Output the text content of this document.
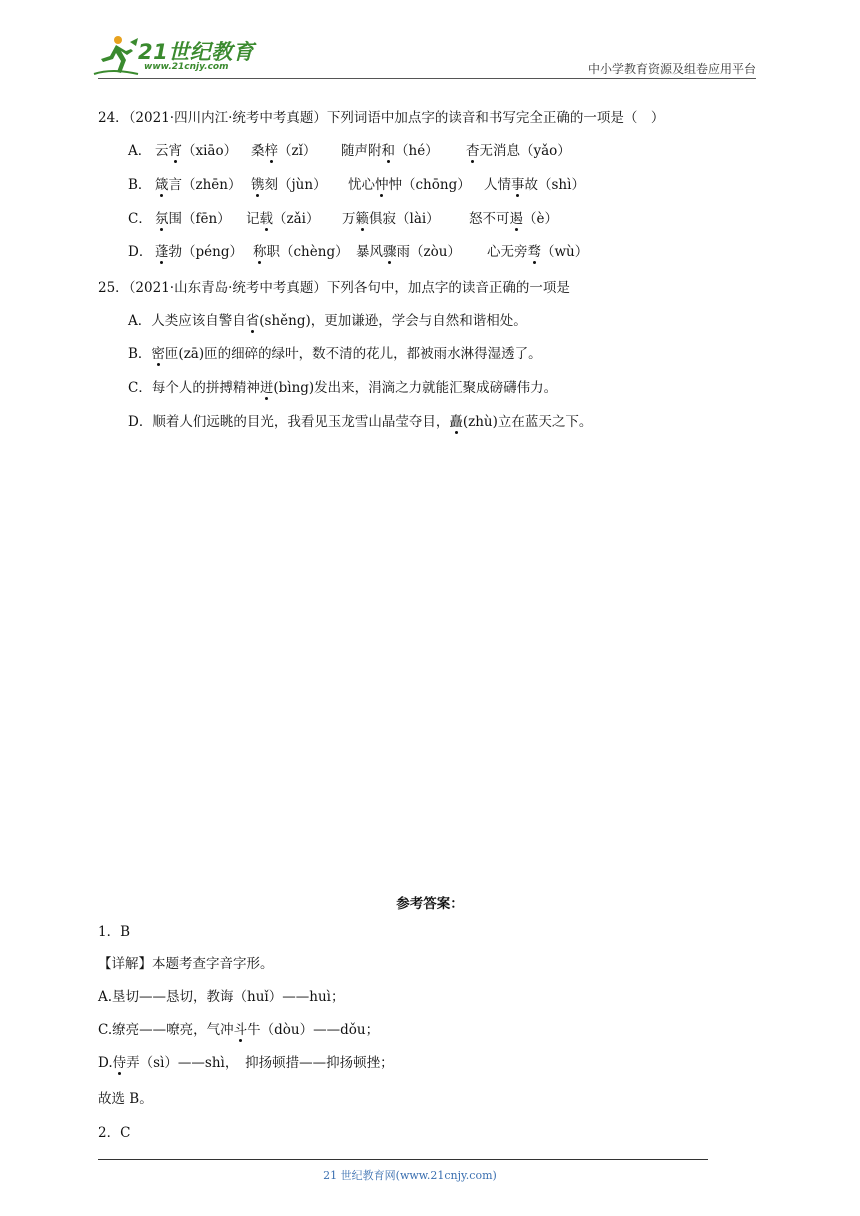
21世纪教育
www.21cnjy.com	中小学教育资源及组卷应用平台
24．（2021·四川内江·统考中考真题）下列词语中加点字的读音和书写完全正确的一项是（　）
A． 云宵（xiāo） 桑梓（zǐ） 随声附和（hé） 杳无消息（yǎo）
B． 箴言（zhēn） 镌刻（jùn） 忧心忡忡（chōng） 人情事故（shì）
C． 氛围（fēn） 记载（zǎi） 万籁俱寂（lài） 怒不可遏（è）
D． 蓬勃（péng） 称职（chèng） 暴风骤雨（zòu） 心无旁骛（wù）
25．（2021·山东青岛·统考中考真题）下列各句中，加点字的读音正确的一项是
A．人类应该自警自省(shěng)，更加谦逊，学会与自然和谐相处。
B．密匝(zā)匝的细碎的绿叶，数不清的花儿，都被雨水淋得湿透了。
C．每个人的拼搏精神迸(bìng)发出来，涓滴之力就能汇聚成磅礴伟力。
D．顺着人们远眺的目光，我看见玉龙雪山晶莹夺目，矗(zhù)立在蓝天之下。
参考答案：
1．B
【详解】本题考查字音字形。
A.垦切——恳切，教诲（huǐ）——huì；
C.缭亮——嘹亮，气冲斗牛（dòu）——dǒu；
D.侍弄（sì）——shì，　抑扬顿措——抑扬顿挫；
故选 B。
2．C
21 世纪教育网(www.21cnjy.com)
